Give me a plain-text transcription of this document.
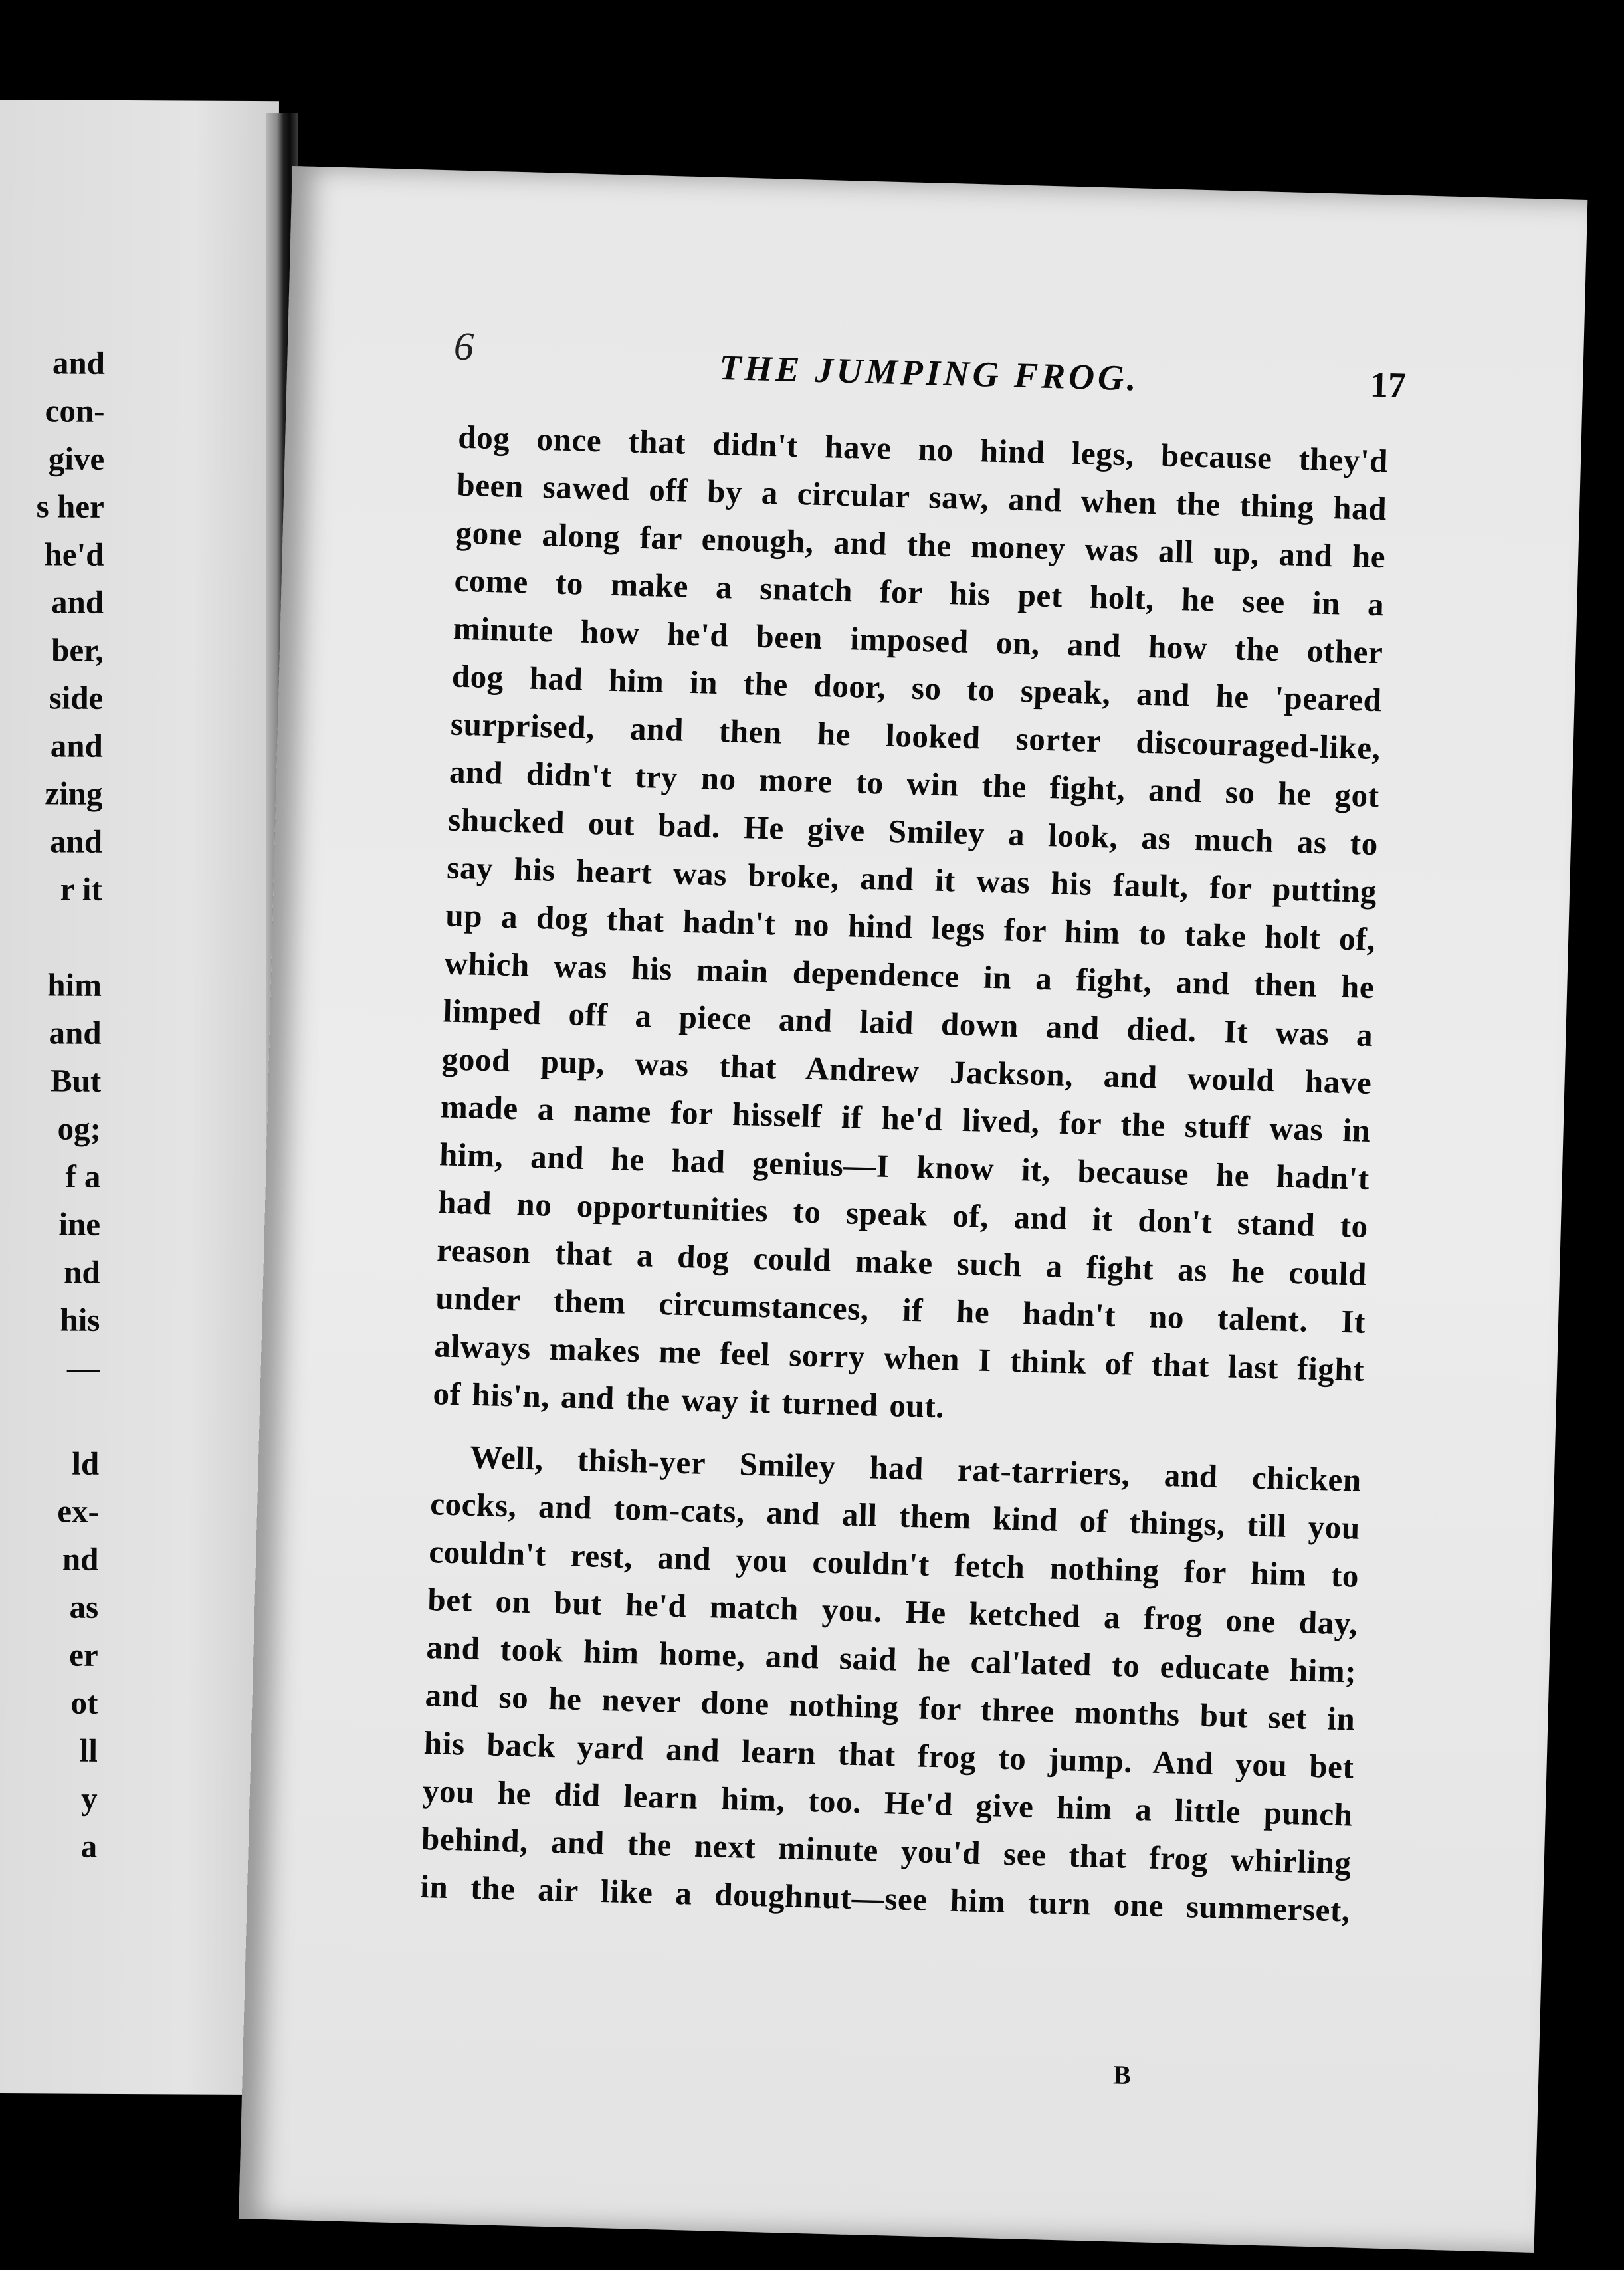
and
con-
give
s her
he'd
and
ber,
side
and
zing
and
r it
him
and
But
og;
f a
ine
nd
his
—
ld
ex-
nd
as
er
ot
ll
y
a
6
THE JUMPING FROG.	17
dog once that didn't have no hind legs, because they'd
been sawed off by a circular saw, and when the thing had
gone along far enough, and the money was all up, and he
come to make a snatch for his pet holt, he see in a
minute how he'd been imposed on, and how the other
dog had him in the door, so to speak, and he 'peared
surprised, and then he looked sorter discouraged-like,
and didn't try no more to win the fight, and so he got
shucked out bad. He give Smiley a look, as much as to
say his heart was broke, and it was his fault, for putting
up a dog that hadn't no hind legs for him to take holt of,
which was his main dependence in a fight, and then he
limped off a piece and laid down and died. It was a
good pup, was that Andrew Jackson, and would have
made a name for hisself if he'd lived, for the stuff was in
him, and he had genius—I know it, because he hadn't
had no opportunities to speak of, and it don't stand to
reason that a dog could make such a fight as he could
under them circumstances, if he hadn't no talent. It
always makes me feel sorry when I think of that last fight
of his'n, and the way it turned out.
Well, thish-yer Smiley had rat-tarriers, and chicken
cocks, and tom-cats, and all them kind of things, till you
couldn't rest, and you couldn't fetch nothing for him to
bet on but he'd match you. He ketched a frog one day,
and took him home, and said he cal'lated to educate him;
and so he never done nothing for three months but set in
his back yard and learn that frog to jump. And you bet
you he did learn him, too. He'd give him a little punch
behind, and the next minute you'd see that frog whirling
in the air like a doughnut—see him turn one summerset,
B
